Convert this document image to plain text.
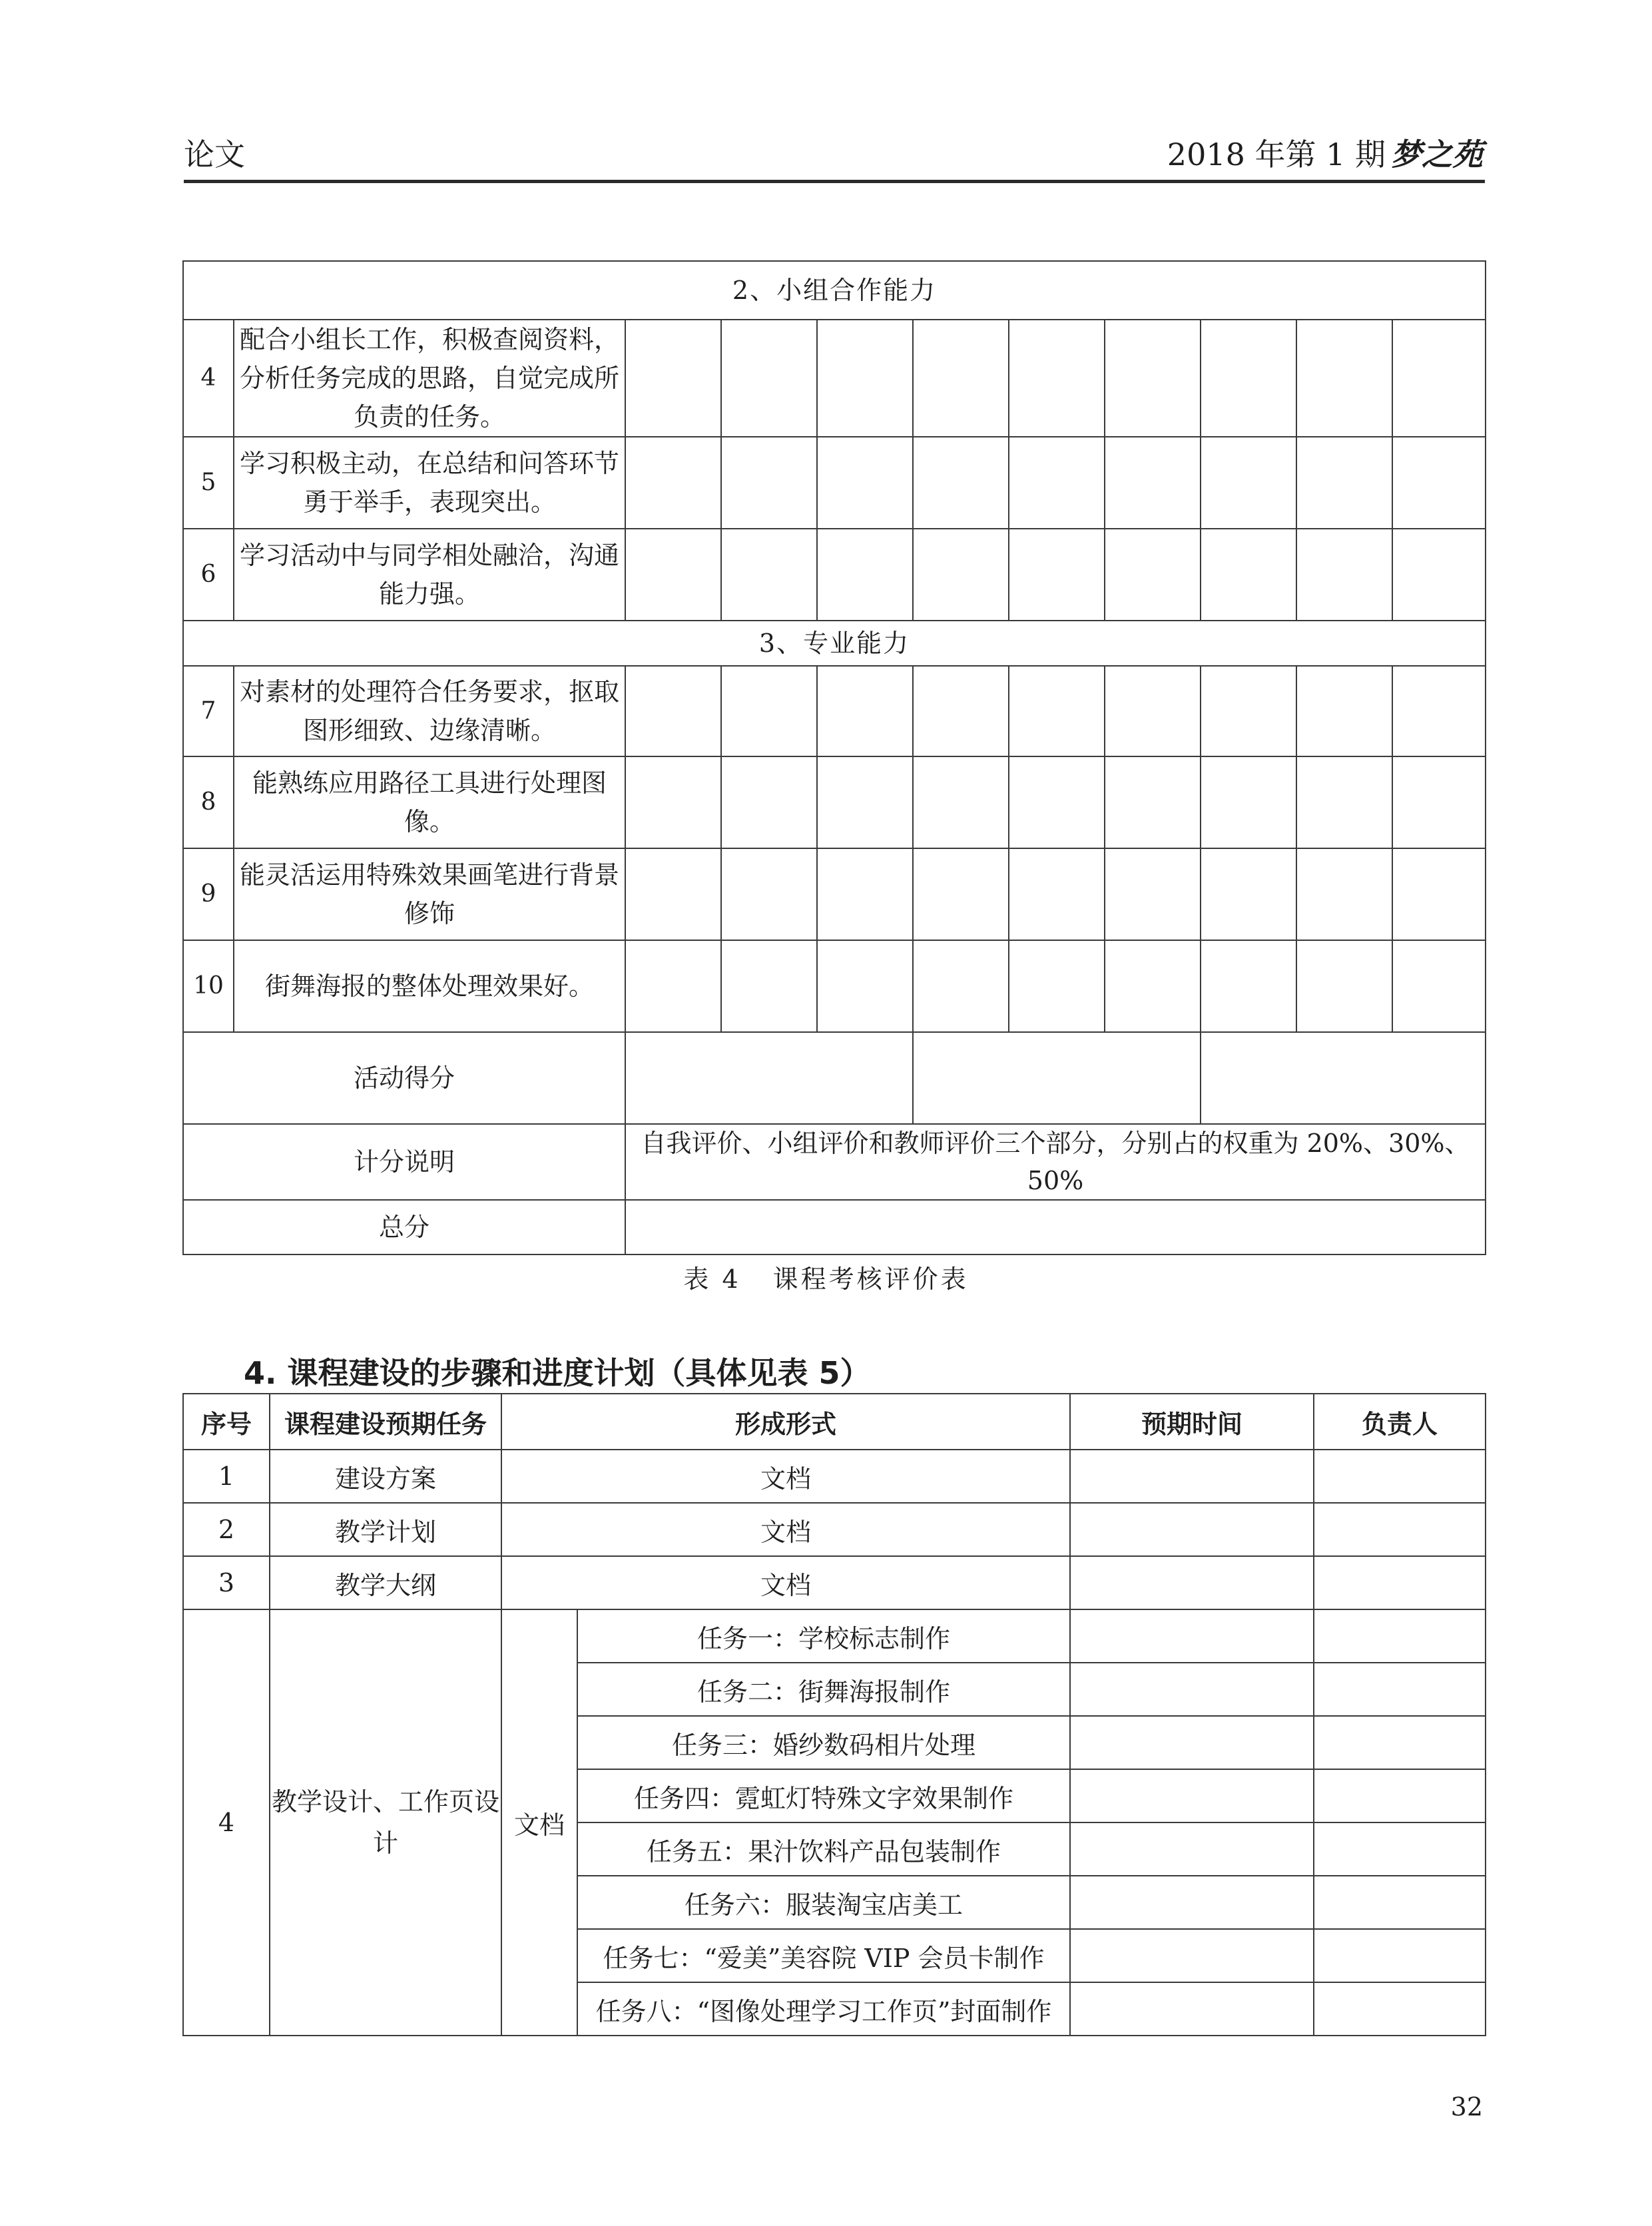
论文	2018 年第 1 期 梦之苑
2、小组合作能力										
4	配合小组长工作，积极查阅资料，分析任务完成的思路，自觉完成所负责的任务。									
5	学习积极主动，在总结和问答环节勇于举手，表现突出。									
6	学习活动中与同学相处融洽，沟通能力强。									
3、专业能力										
7	对素材的处理符合任务要求，抠取图形细致、边缘清晰。									
8	能熟练应用路径工具进行处理图像。									
9	能灵活运用特殊效果画笔进行背景修饰									
10	街舞海报的整体处理效果好。									
活动得分										
计分说明		自我评价、小组评价和教师评价三个部分，分别占的权重为 20%、30%、50%								
总分										
表 4 课程考核评价表
4. 课程建设的步骤和进度计划（具体见表 5）
序号	课程建设预期任务	形成形式		预期时间	负责人
1	建设方案	文档			
2	教学计划	文档			
3	教学大纲	文档			
4	教学设计、工作页设计	文档	任务一：学校标志制作		
			任务二：街舞海报制作		
			任务三：婚纱数码相片处理		
			任务四：霓虹灯特殊文字效果制作		
			任务五：果汁饮料产品包装制作		
			任务六：服装淘宝店美工		
			任务七：“爱美”美容院 VIP 会员卡制作		
			任务八：“图像处理学习工作页”封面制作		
32
